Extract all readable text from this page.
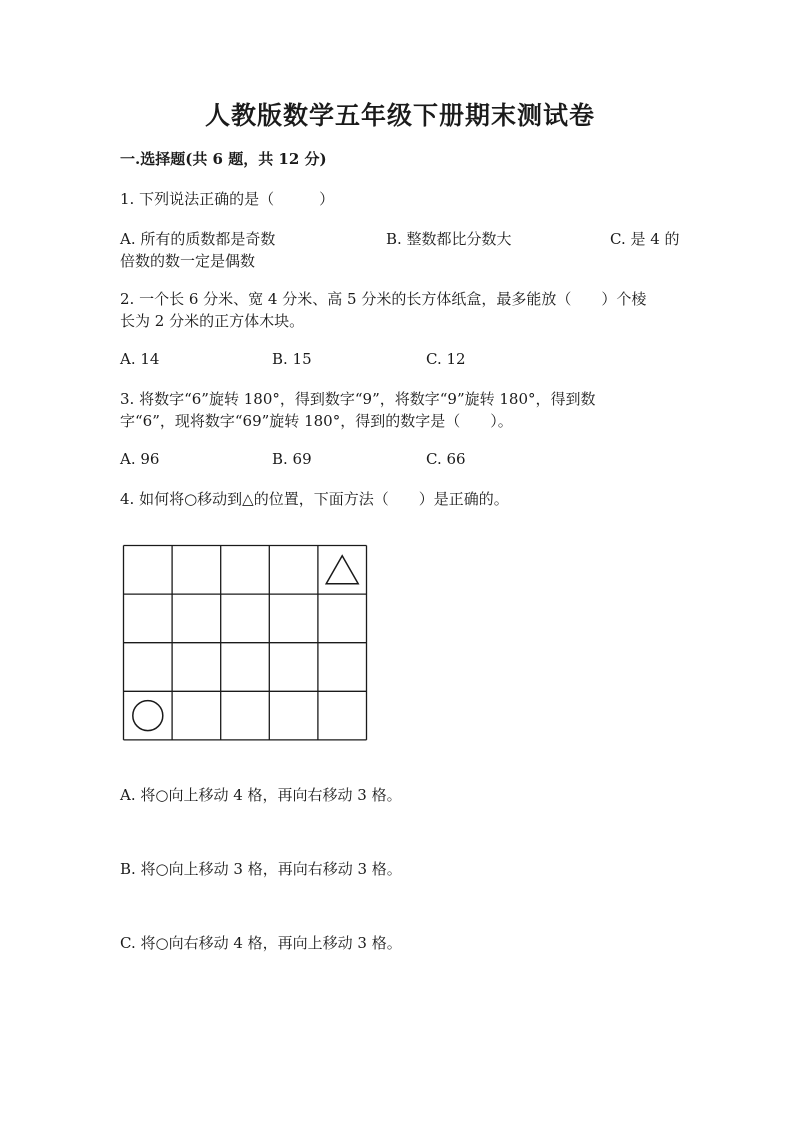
人教版数学五年级下册期末测试卷
一.选择题(共 6 题，共 12 分)
1. 下列说法正确的是（　　　）
A. 所有的质数都是奇数	B. 整数都比分数大	C. 是 4 的
倍数的数一定是偶数
2. 一个长 6 分米、宽 4 分米、高 5 分米的长方体纸盒，最多能放（　　）个棱
长为 2 分米的正方体木块。
A. 14	B. 15	C. 12
3. 将数字“6”旋转 180°，得到数字“9”，将数字“9”旋转 180°，得到数
字“6”，现将数字“69”旋转 180°，得到的数字是（　　）。
A. 96	B. 69	C. 66
4. 如何将○移动到△的位置，下面方法（　　）是正确的。
A. 将○向上移动 4 格，再向右移动 3 格。
B. 将○向上移动 3 格，再向右移动 3 格。
C. 将○向右移动 4 格，再向上移动 3 格。
